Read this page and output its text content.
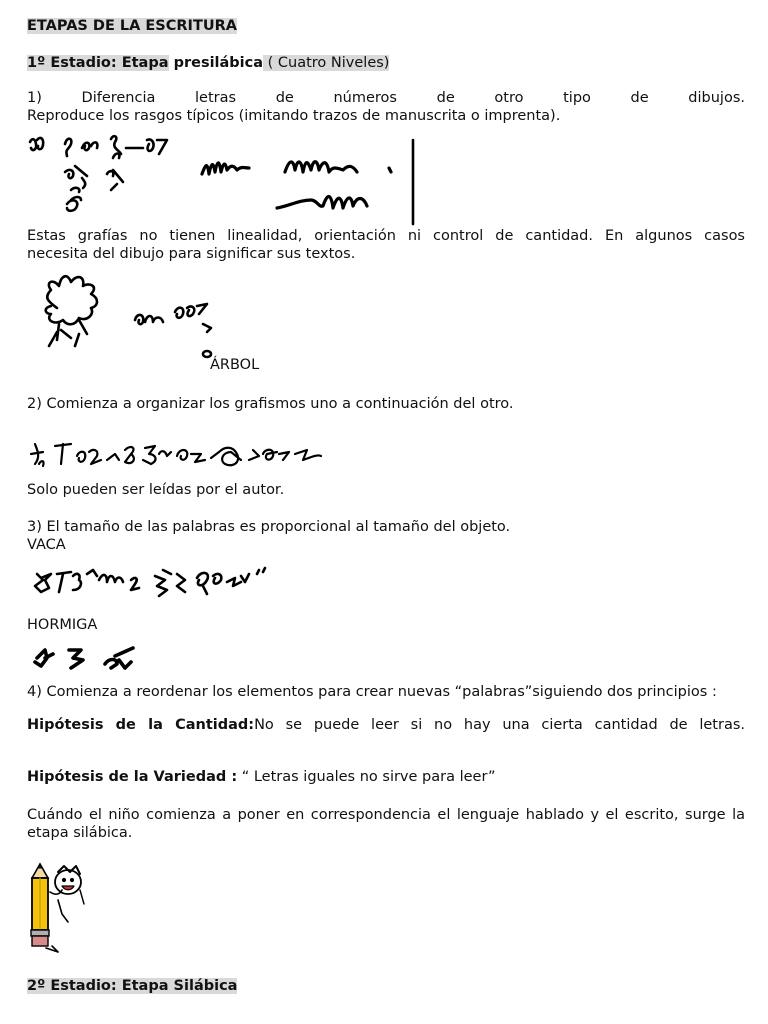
ETAPAS DE LA ESCRITURA
1º Estadio: Etapa presilábica ( Cuatro Niveles)
1) Diferencia letras de números de otro tipo de dibujos.
Reproduce los rasgos típicos (imitando trazos de manuscrita o imprenta).
Estas grafías no tienen linealidad, orientación ni control de cantidad. En algunos casos
necesita del dibujo para significar sus textos.
ÁRBOL
2) Comienza a organizar los grafismos uno a continuación del otro.
Solo pueden ser leídas por el autor.
3) El tamaño de las palabras es proporcional al tamaño del objeto.
VACA
HORMIGA
4) Comienza a reordenar los elementos para crear nuevas “palabras”siguiendo dos principios :
Hipótesis de la Cantidad:No se puede leer si no hay una cierta cantidad de letras.
Hipótesis de la Variedad : “ Letras iguales no sirve para leer”
Cuándo el niño comienza a poner en correspondencia el lenguaje hablado y el escrito, surge la
etapa silábica.
2º Estadio: Etapa Silábica
